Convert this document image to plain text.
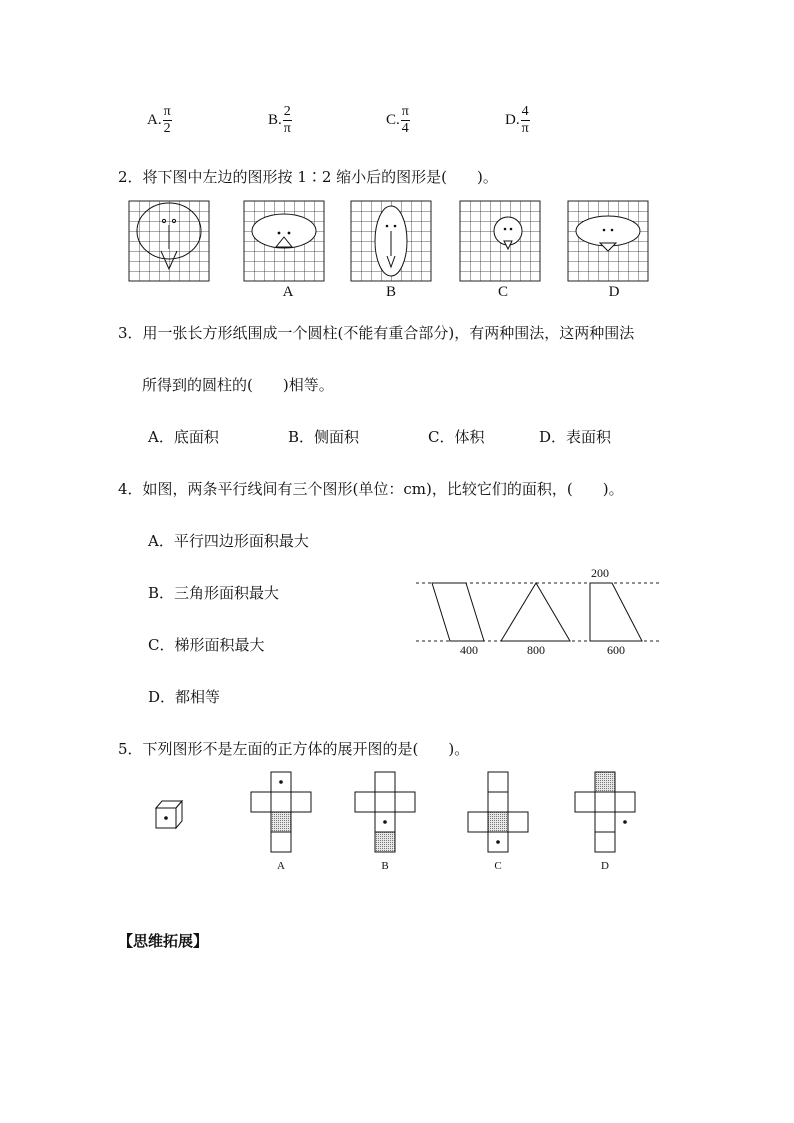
A. $\frac{\pi}{2}$	B. $\frac{2}{\pi}$	C. $\frac{\pi}{4}$	D. $\frac{4}{\pi}$
2．将下图中左边的图形按 1∶2 缩小后的图形是(　　)。
A	B	C	D
3．用一张长方形纸围成一个圆柱(不能有重合部分)，有两种围法，这两种围法
所得到的圆柱的(　　)相等。
A．底面积	B．侧面积	C．体积	D．表面积
4．如图，两条平行线间有三个图形(单位：cm)，比较它们的面积，(　　)。
A．平行四边形面积最大
B．三角形面积最大
C．梯形面积最大
D．都相等
400	800	600
200
5．下列图形不是左面的正方体的展开图的是(　　)。
A	B	C	D
【思维拓展】
